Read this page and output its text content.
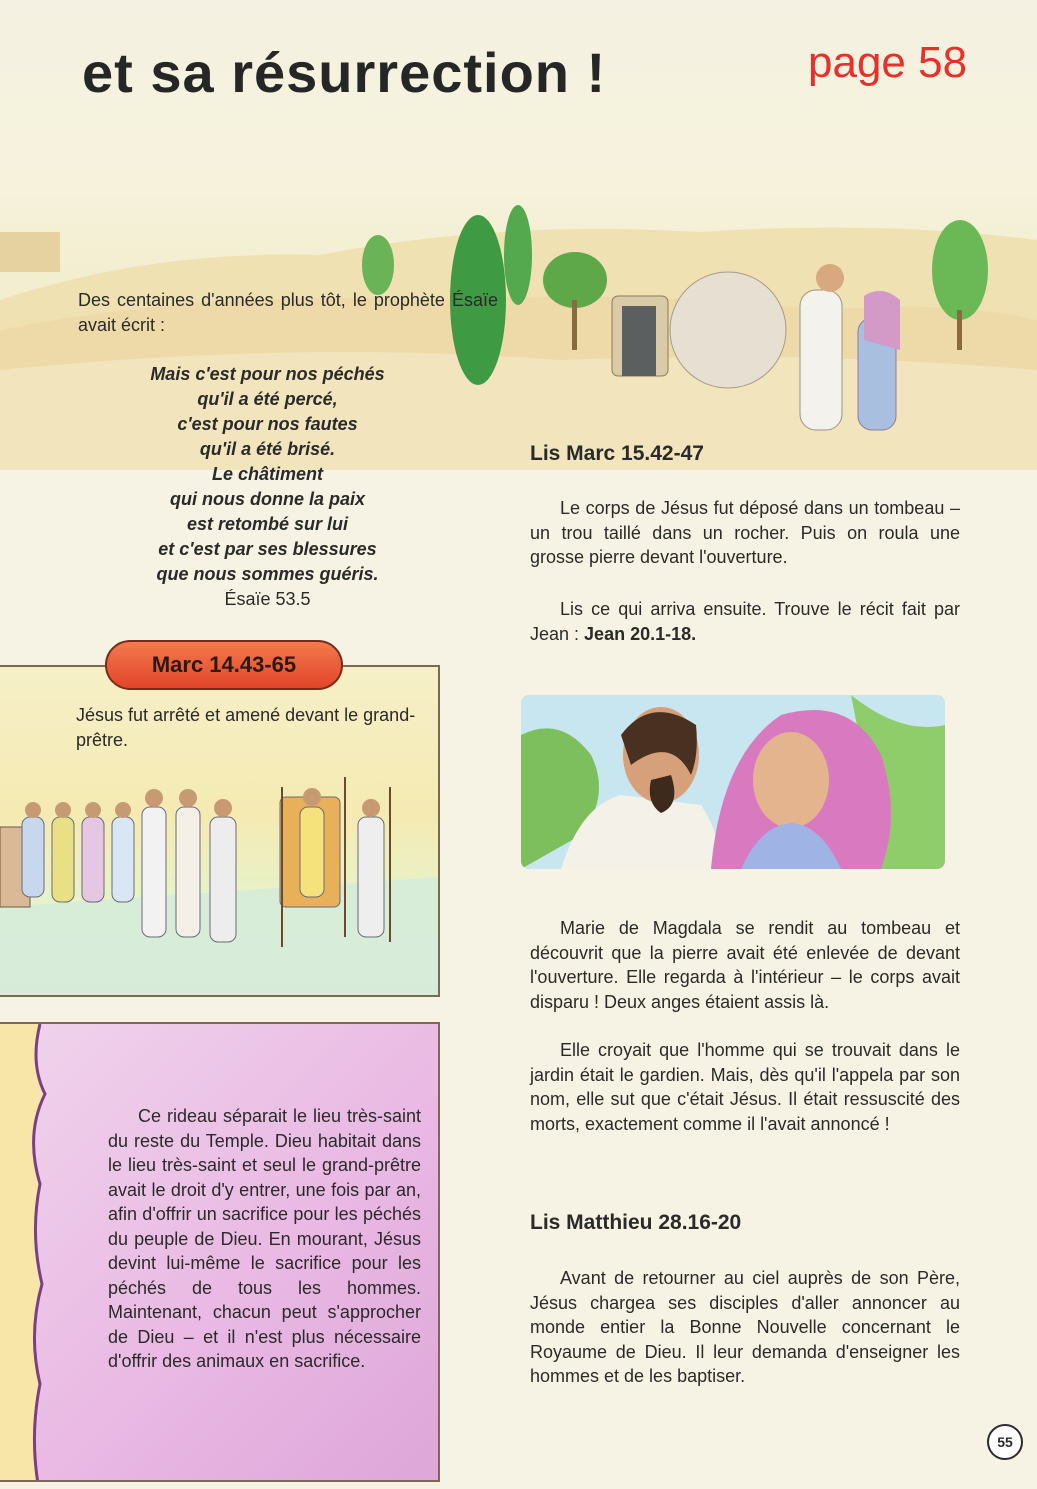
et sa résurrection !	page 58
Des centaines d'années plus tôt, le prophète Ésaïe avait écrit :
Mais c'est pour nos péchés
qu'il a été percé,
c'est pour nos fautes
qu'il a été brisé.
Le châtiment
qui nous donne la paix
est retombé sur lui
et c'est par ses blessures
que nous sommes guéris.
Ésaïe 53.5
Jésus fut arrêté et amené devant le grand-prêtre.
Marc 14.43-65
Ce rideau séparait le lieu très-saint du reste du Temple. Dieu habitait dans le lieu très-saint et seul le grand-prêtre avait le droit d'y entrer, une fois par an, afin d'offrir un sacrifice pour les péchés du peuple de Dieu. En mourant, Jésus devint lui-même le sacrifice pour les péchés de tous les hommes. Maintenant, chacun peut s'approcher de Dieu – et il n'est plus nécessaire d'offrir des animaux en sacrifice.
Lis Marc 15.42-47
Le corps de Jésus fut déposé dans un tombeau – un trou taillé dans un rocher. Puis on roula une grosse pierre devant l'ouverture.
Lis ce qui arriva ensuite. Trouve le récit fait par Jean : Jean 20.1-18.
Marie de Magdala se rendit au tombeau et découvrit que la pierre avait été enlevée de devant l'ouverture. Elle regarda à l'intérieur – le corps avait disparu ! Deux anges étaient assis là.
Elle croyait que l'homme qui se trouvait dans le jardin était le gardien. Mais, dès qu'il l'appela par son nom, elle sut que c'était Jésus. Il était ressuscité des morts, exactement comme il l'avait annoncé !
Lis Matthieu 28.16-20
Avant de retourner au ciel auprès de son Père, Jésus chargea ses disciples d'aller annoncer au monde entier la Bonne Nouvelle concernant le Royaume de Dieu. Il leur demanda d'enseigner les hommes et de les baptiser.
55
